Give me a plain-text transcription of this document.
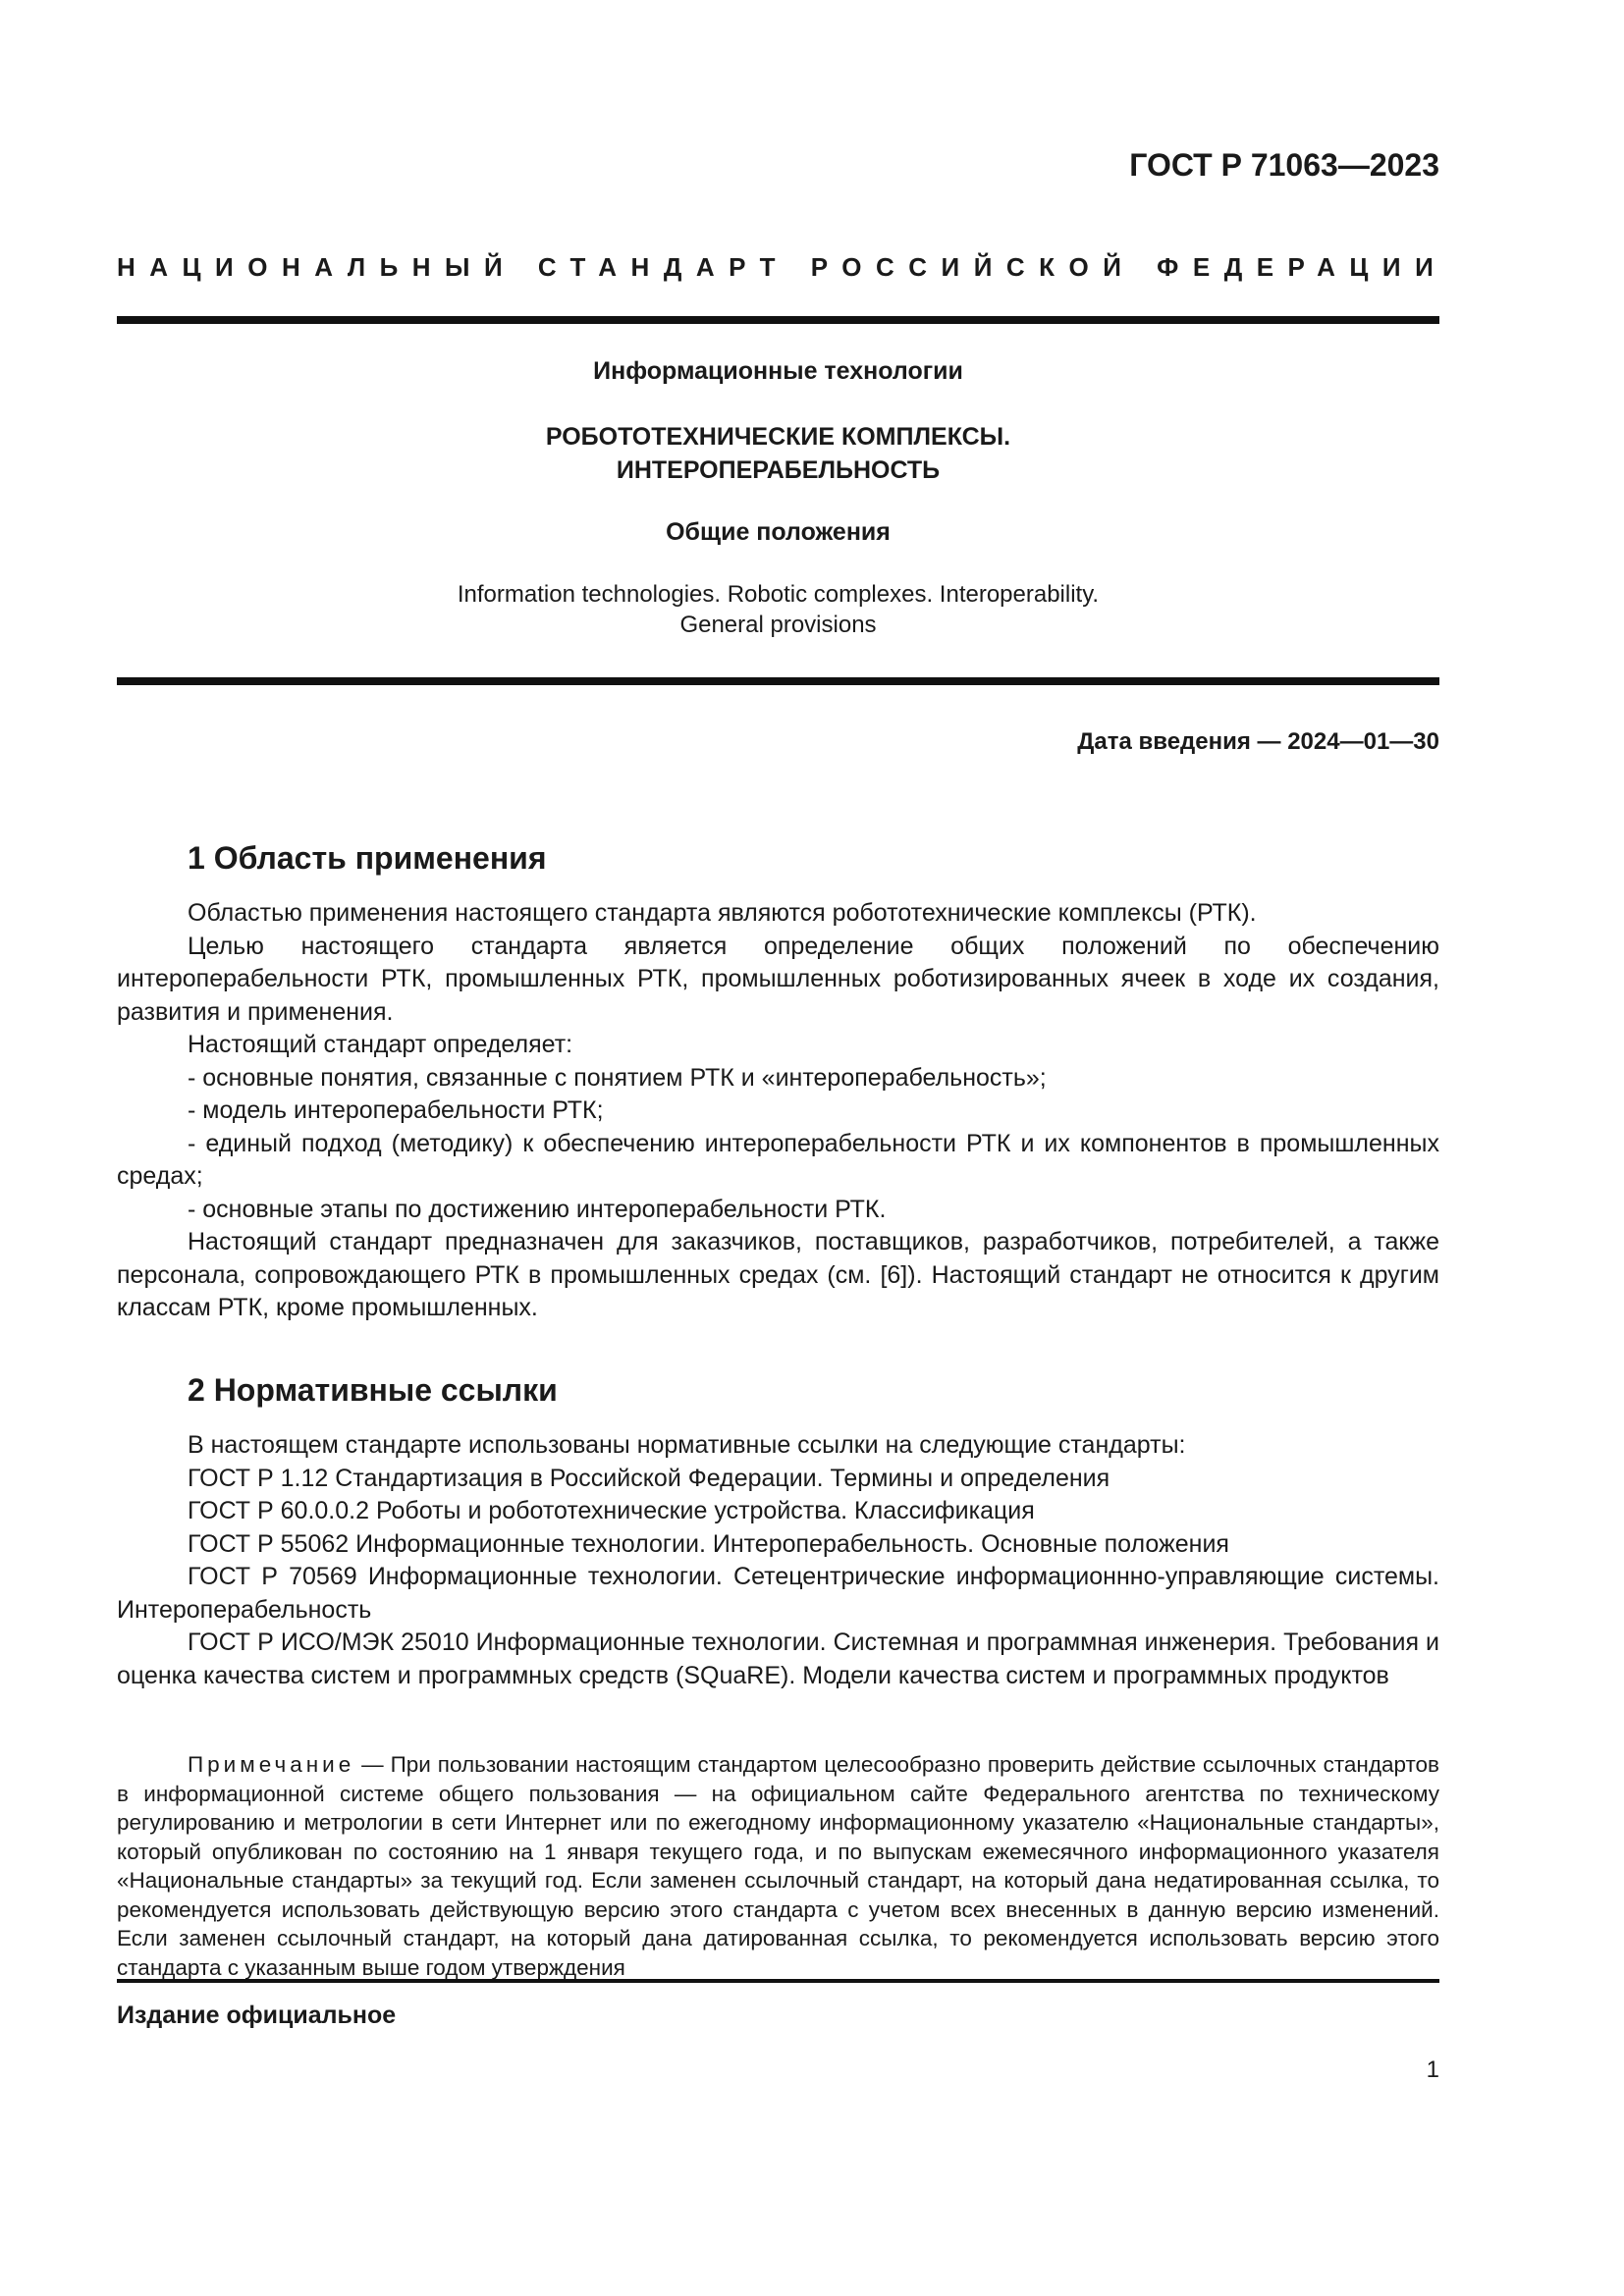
ГОСТ Р 71063—2023
НАЦИОНАЛЬНЫЙ СТАНДАРТ РОССИЙСКОЙ ФЕДЕРАЦИИ
Информационные технологии
РОБОТОТЕХНИЧЕСКИЕ КОМПЛЕКСЫ.
ИНТЕРОПЕРАБЕЛЬНОСТЬ
Общие положения
Information technologies. Robotic complexes. Interoperability.
General provisions
Дата введения — 2024—01—30
1 Область применения

Областью применения настоящего стандарта являются робототехнические комплексы (РТК).

Целью настоящего стандарта является определение общих положений по обеспечению интероперабельности РТК, промышленных РТК, промышленных роботизированных ячеек в ходе их создания, развития и применения.

Настоящий стандарт определяет:

- основные понятия, связанные с понятием РТК и «интероперабельность»;

- модель интероперабельности РТК;

- единый подход (методику) к обеспечению интероперабельности РТК и их компонентов в промышленных средах;

- основные этапы по достижению интероперабельности РТК.

Настоящий стандарт предназначен для заказчиков, поставщиков, разработчиков, потребителей, а также персонала, сопровождающего РТК в промышленных средах (см. [6]). Настоящий стандарт не относится к другим классам РТК, кроме промышленных.

2 Нормативные ссылки

В настоящем стандарте использованы нормативные ссылки на следующие стандарты:

ГОСТ Р 1.12 Стандартизация в Российской Федерации. Термины и определения

ГОСТ Р 60.0.0.2 Роботы и робототехнические устройства. Классификация

ГОСТ Р 55062 Информационные технологии. Интероперабельность. Основные положения

ГОСТ Р 70569 Информационные технологии. Сетецентрические информационнно-управляющие системы. Интероперабельность

ГОСТ Р ИСО/МЭК 25010 Информационные технологии. Системная и программная инженерия. Требования и оценка качества систем и программных средств (SQuaRE). Модели качества систем и программных продуктов

Примечание — При пользовании настоящим стандартом целесообразно проверить действие ссылочных стандартов в информационной системе общего пользования — на официальном сайте Федерального агентства по техническому регулированию и метрологии в сети Интернет или по ежегодному информационному указателю «Национальные стандарты», который опубликован по состоянию на 1 января текущего года, и по выпускам ежемесячного информационного указателя «Национальные стандарты» за текущий год. Если заменен ссылочный стандарт, на который дана недатированная ссылка, то рекомендуется использовать действующую версию этого стандарта с учетом всех внесенных в данную версию изменений. Если заменен ссылочный стандарт, на который дана датированная ссылка, то рекомендуется использовать версию этого стандарта с указанным выше годом утверждения

Издание официальное
1
